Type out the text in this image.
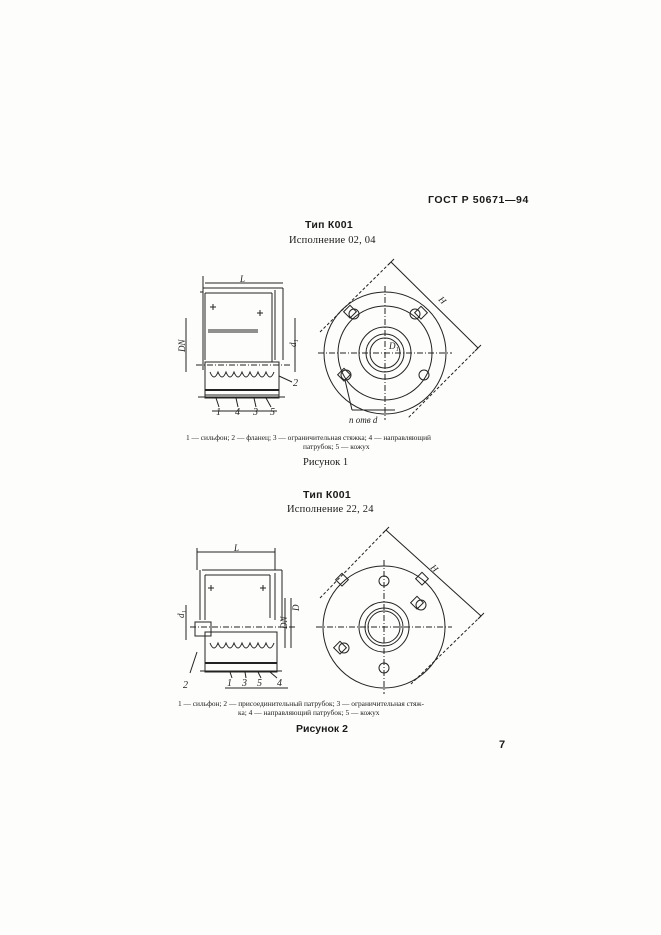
ГОСТ Р 50671—94
Тип К001
Исполнение 02, 04
L
DN	d₁	D₁
H
n отв d
1 4 3 5
2
1 — сильфон; 2 — фланец; 3 — ограничительная стяжка; 4 — направляющий
патрубок; 5 — кожух
Рисунок 1
Тип К001
Исполнение 22, 24
L
d₁
DN
D
H
2	1 3 5 4
1 — сильфон; 2 — присоединительный патрубок; 3 — ограничительная стяж-
ка; 4 — направляющий патрубок; 5 — кожух
Рисунок 2
7
